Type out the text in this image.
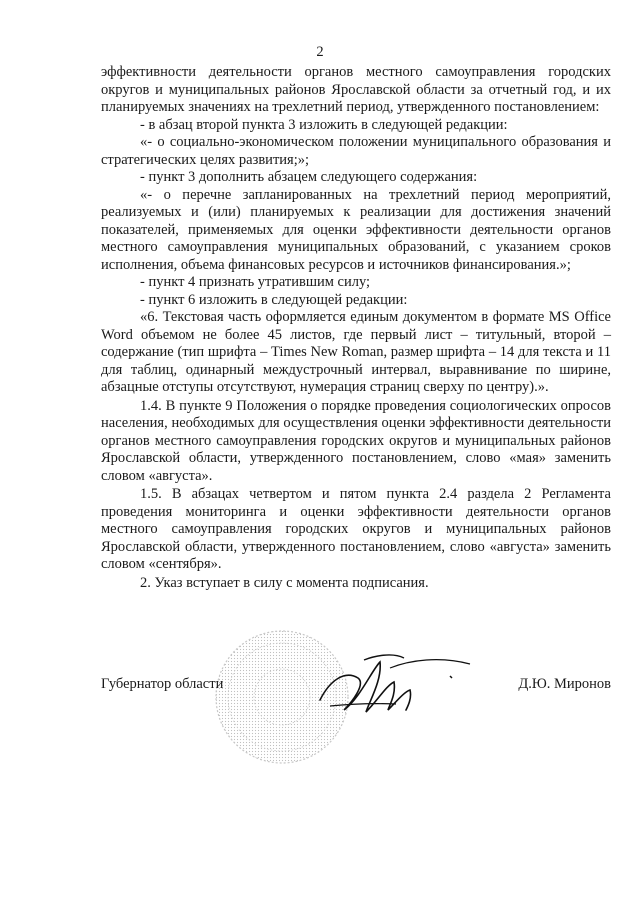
2

эффективности деятельности органов местного самоуправления городских округов и муниципальных районов Ярославской области за отчетный год, и их планируемых значениях на трехлетний период, утвержденного постановлением:

- в абзац второй пункта 3 изложить в следующей редакции:

«- о социально-экономическом положении муниципального образования и стратегических целях развития;»;

- пункт 3 дополнить абзацем следующего содержания:

«- о перечне запланированных на трехлетний период мероприятий, реализуемых и (или) планируемых к реализации для достижения значений показателей, применяемых для оценки эффективности деятельности органов местного самоуправления муниципальных образований, с указанием сроков исполнения, объема финансовых ресурсов и источников финансирования.»;

- пункт 4 признать утратившим силу;

- пункт 6 изложить в следующей редакции:

«6. Текстовая часть оформляется единым документом в формате MS Office Word объемом не более 45 листов, где первый лист – титульный, второй – содержание (тип шрифта – Times New Roman, размер шрифта – 14 для текста и 11 для таблиц, одинарный междустрочный интервал, выравнивание по ширине, абзацные отступы отсутствуют, нумерация страниц сверху по центру).».

1.4. В пункте 9 Положения о порядке проведения социологических опросов населения, необходимых для осуществления оценки эффективности деятельности органов местного самоуправления городских округов и муниципальных районов Ярославской области, утвержденного постановлением, слово «мая» заменить словом «августа».

1.5. В абзацах четвертом и пятом пункта 2.4 раздела 2 Регламента проведения мониторинга и оценки эффективности деятельности органов местного самоуправления городских округов и муниципальных районов Ярославской области, утвержденного постановлением, слово «августа» заменить словом «сентября».

2. Указ вступает в силу с момента подписания.

Губернатор области	Д.Ю. Миронов
